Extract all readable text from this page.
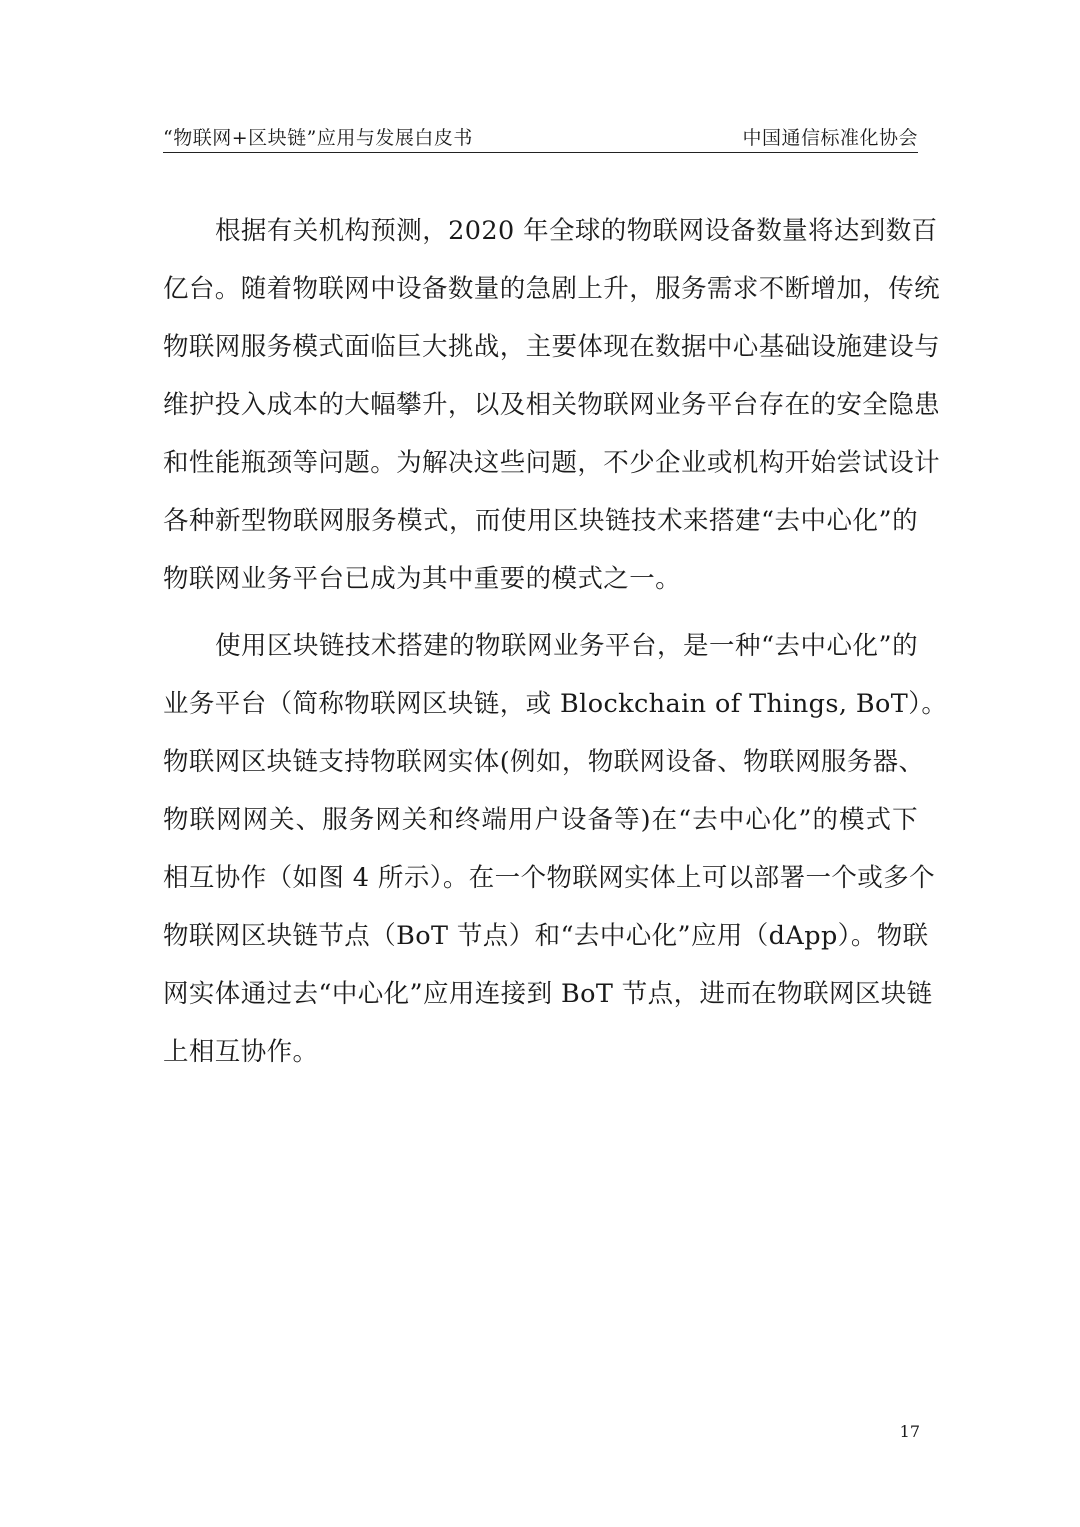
“物联网+区块链”应用与发展白皮书	中国通信标准化协会
根据有关机构预测，2020 年全球的物联网设备数量将达到数百
亿台。随着物联网中设备数量的急剧上升，服务需求不断增加，传统
物联网服务模式面临巨大挑战，主要体现在数据中心基础设施建设与
维护投入成本的大幅攀升，以及相关物联网业务平台存在的安全隐患
和性能瓶颈等问题。为解决这些问题，不少企业或机构开始尝试设计
各种新型物联网服务模式，而使用区块链技术来搭建“去中心化”的
物联网业务平台已成为其中重要的模式之一。
使用区块链技术搭建的物联网业务平台，是一种“去中心化”的
业务平台（简称物联网区块链，或 Blockchain of Things, BoT）。
物联网区块链支持物联网实体(例如，物联网设备、物联网服务器、
物联网网关、服务网关和终端用户设备等)在“去中心化”的模式下
相互协作（如图 4 所示）。在一个物联网实体上可以部署一个或多个
物联网区块链节点（BoT 节点）和“去中心化”应用（dApp）。物联
网实体通过去“中心化”应用连接到 BoT 节点，进而在物联网区块链
上相互协作。
17
